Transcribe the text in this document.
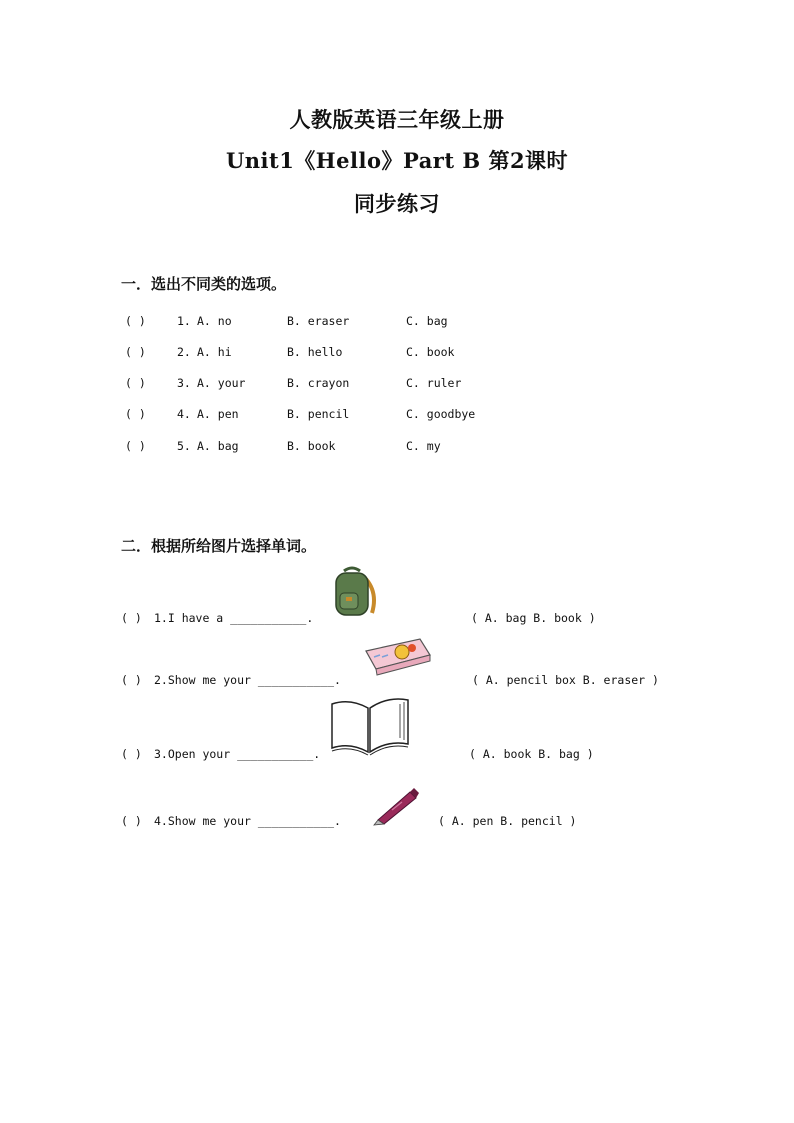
人教版英语三年级上册
Unit1《Hello》Part B 第2课时
同步练习
一．选出不同类的选项。
( )	1. A. no	B. eraser	C. bag
( )	2. A. hi	B. hello	C. book
( )	3. A. your	B. crayon	C. ruler
( )	4. A. pen	B. pencil	C. goodbye
( )	5. A. bag	B. book	C. my
二．根据所给图片选择单词。
( ) 1.I have a ___________.	( A. bag B. book )
( ) 2.Show me your ___________.	( A. pencil box B. eraser )
( ) 3.Open your ___________.	( A. book B. bag )
( ) 4.Show me your ___________.	( A. pen B. pencil )
